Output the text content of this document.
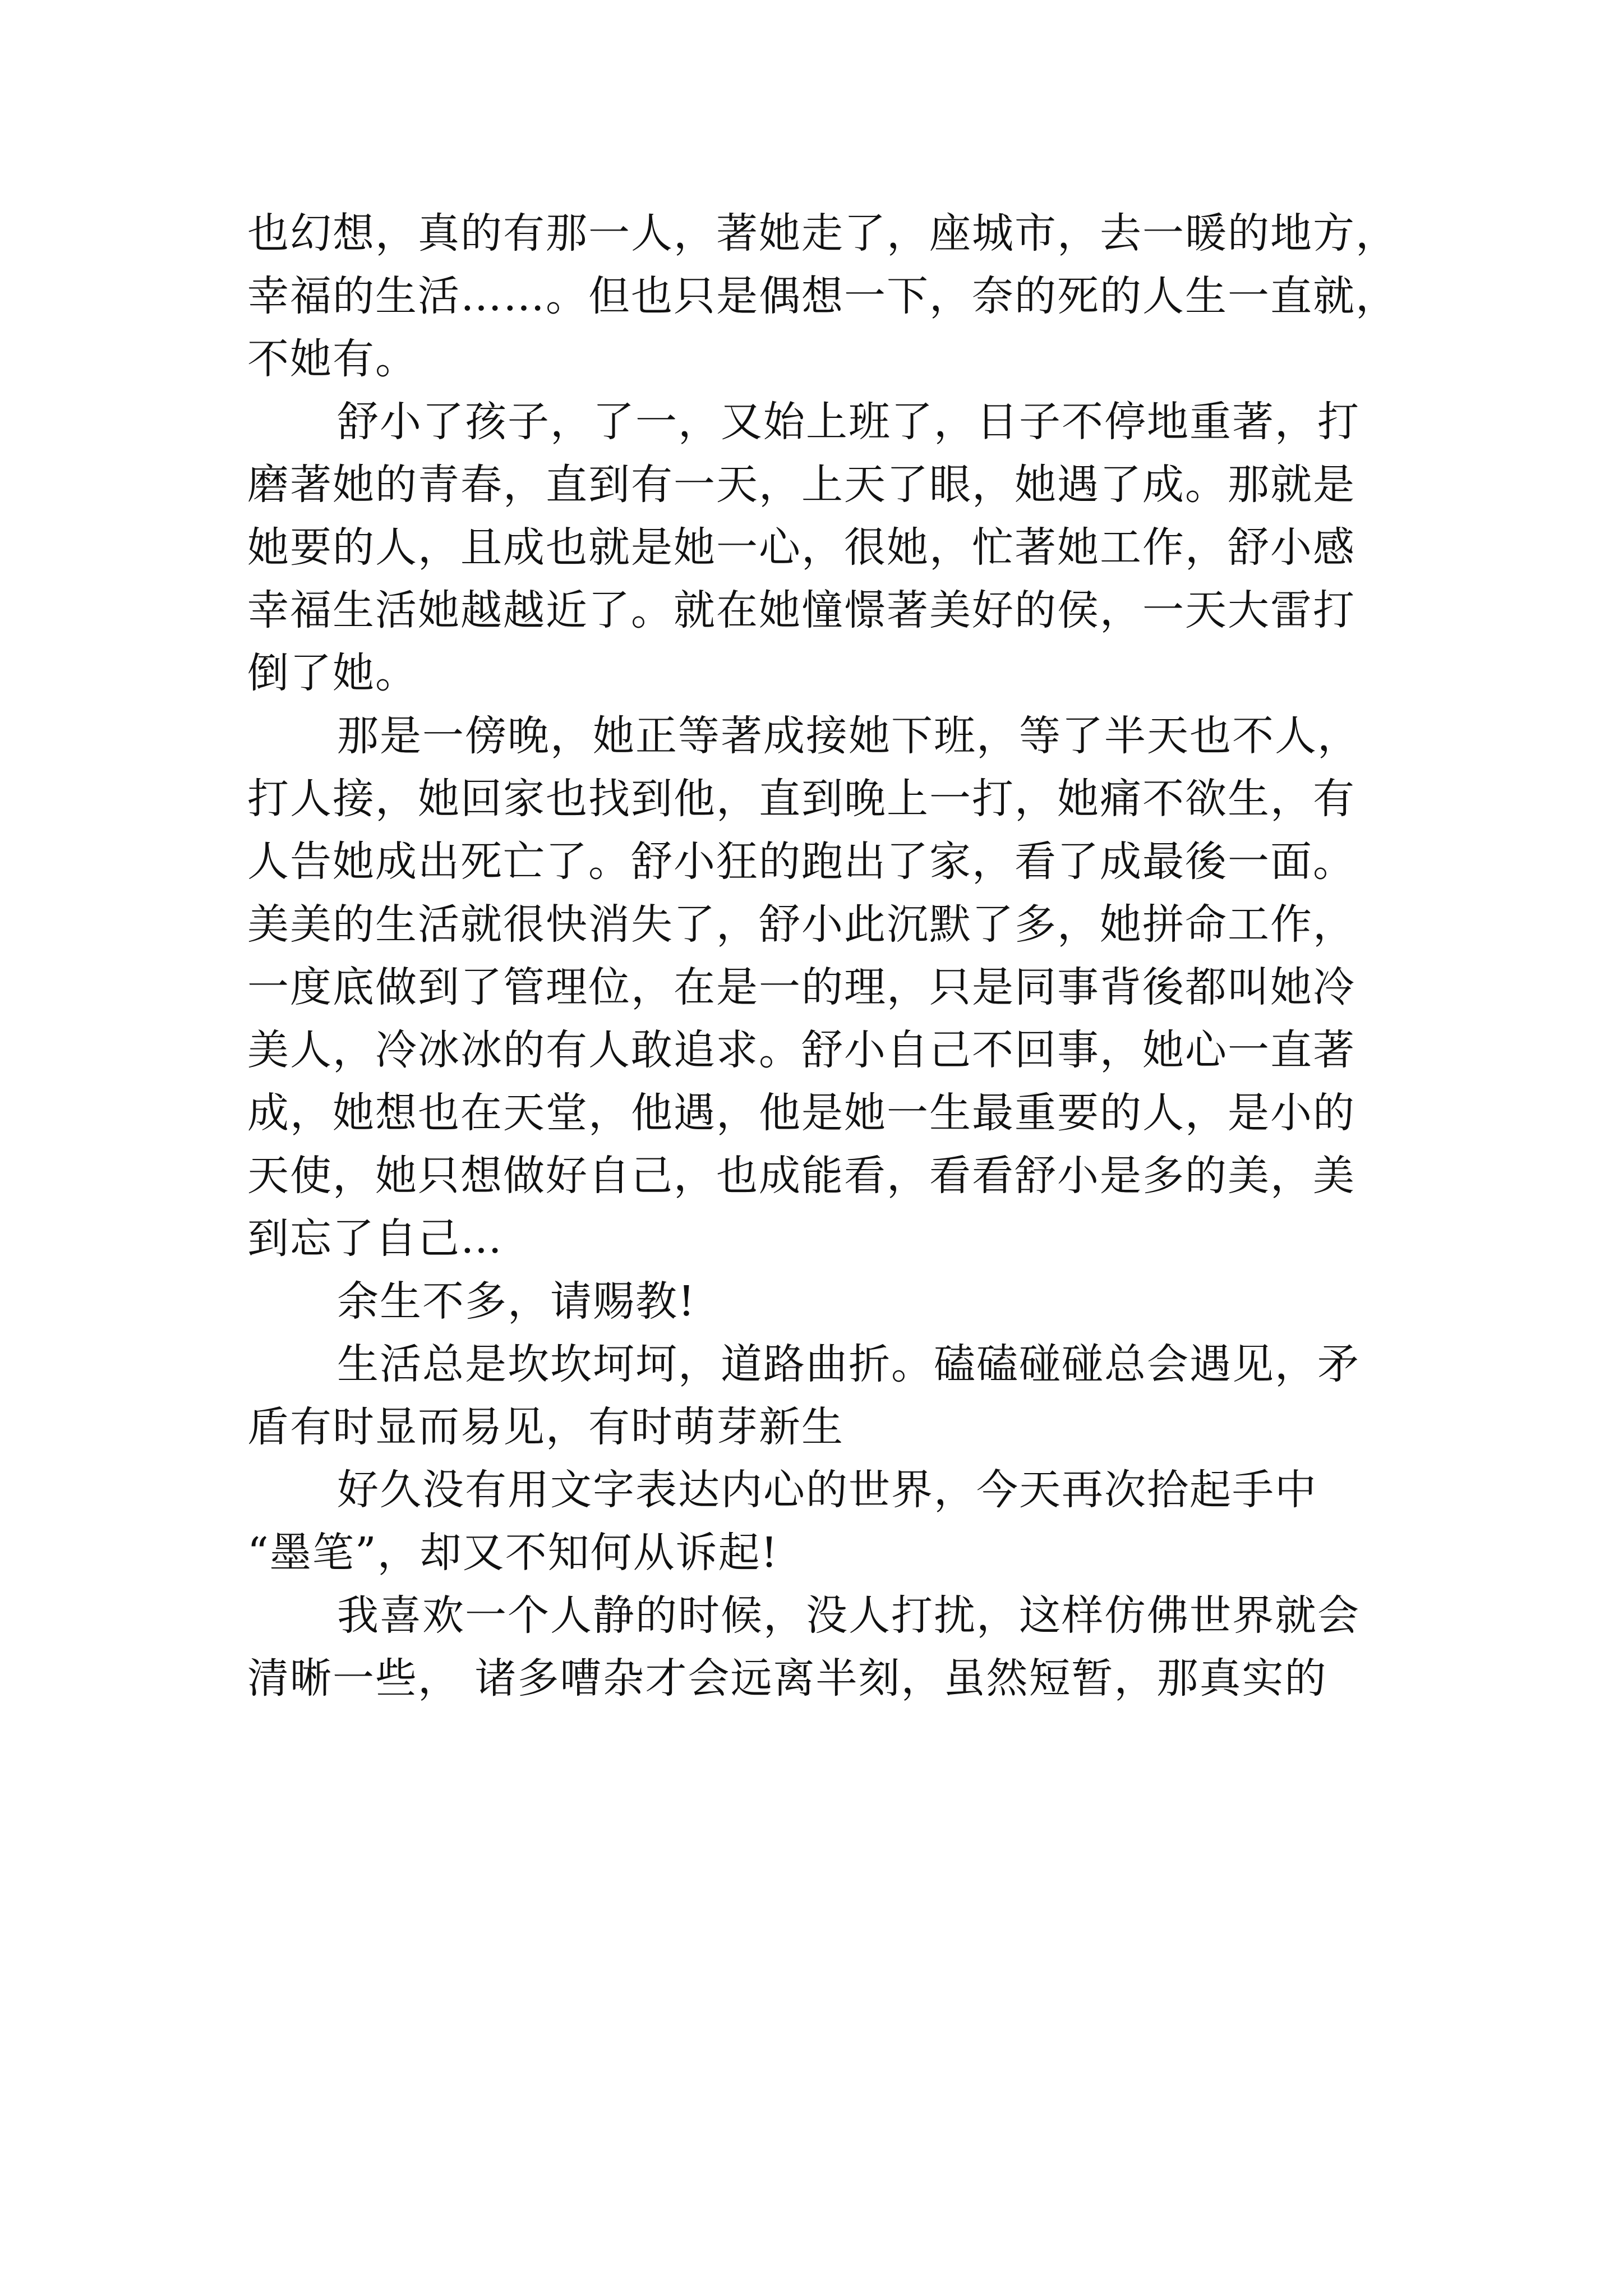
也幻想，真的有那一人，著她走了，座城市，去一暖的地方，
幸福的生活……。但也只是偶想一下，奈的死的人生一直就，
不她有。

舒小了孩子，了一，又始上班了，日子不停地重著，打
磨著她的青春，直到有一天，上天了眼，她遇了成。那就是
她要的人，且成也就是她一心，很她，忙著她工作，舒小感
幸福生活她越越近了。就在她憧憬著美好的侯，一天大雷打
倒了她。

那是一傍晚，她正等著成接她下班，等了半天也不人，
打人接，她回家也找到他，直到晚上一打，她痛不欲生，有
人告她成出死亡了。舒小狂的跑出了家，看了成最後一面。
美美的生活就很快消失了，舒小此沉默了多，她拼命工作，
一度底做到了管理位，在是一的理，只是同事背後都叫她冷
美人，冷冰冰的有人敢追求。舒小自己不回事，她心一直著
成，她想也在天堂，他遇，他是她一生最重要的人，是小的
天使，她只想做好自己，也成能看，看看舒小是多的美，美
到忘了自己…

余生不多，请赐教!

生活总是坎坎坷坷，道路曲折。磕磕碰碰总会遇见，矛
盾有时显而易见，有时萌芽新生

好久没有用文字表达内心的世界，今天再次拾起手中
“墨笔”，却又不知何从诉起!

我喜欢一个人静的时候，没人打扰，这样仿佛世界就会
清晰一些， 诸多嘈杂才会远离半刻，虽然短暂，那真实的
